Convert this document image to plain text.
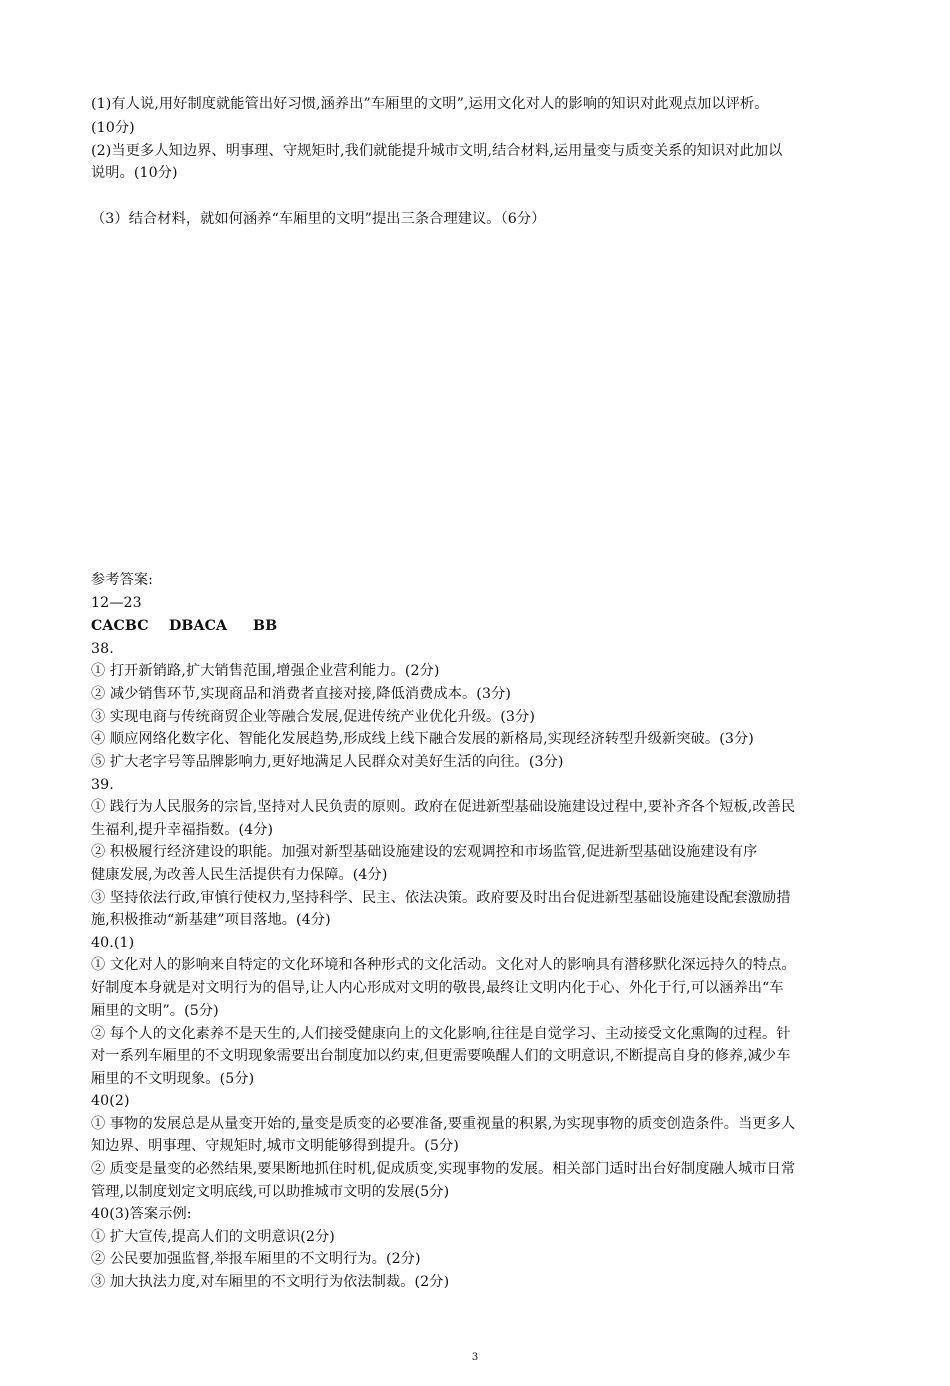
(1)有人说,用好制度就能管出好习惯,涵养出”车厢里的文明”,运用文化对人的影响的知识对此观点加以评析。
(10分)
(2)当更多人知边界、明事理、守规矩时,我们就能提升城市文明,结合材料,运用量变与质变关系的知识对此加以
说明。(10分)
（3）结合材料，就如何涵养“车厢里的文明”提出三条合理建议。（6分）
参考答案:
12—23
CACBC DBACA BB
38.
① 打开新销路,扩大销售范围,增强企业营利能力。(2分)
② 减少销售环节,实现商品和消费者直接对接,降低消费成本。(3分)
③ 实现电商与传统商贸企业等融合发展,促进传统产业优化升级。(3分)
④ 顺应网络化数字化、智能化发展趋势,形成线上线下融合发展的新格局,实现经济转型升级新突破。(3分)
⑤ 扩大老字号等品牌影响力,更好地满足人民群众对美好生活的向往。(3分)
39.
① 践行为人民服务的宗旨,坚持对人民负责的原则。政府在促进新型基础设施建设过程中,要补齐各个短板,改善民
生福利,提升幸福指数。(4分)
② 积极履行经济建设的职能。加强对新型基础设施建设的宏观调控和市场监管,促进新型基础设施建设有序
健康发展,为改善人民生活提供有力保障。(4分)
③ 坚持依法行政,审慎行使权力,坚持科学、民主、依法决策。政府要及时出台促进新型基础设施建设配套激励措
施,积极推动“新基建”项目落地。(4分)
40.(1)
① 文化对人的影响来自特定的文化环境和各种形式的文化活动。文化对人的影响具有潜移默化深远持久的特点。
好制度本身就是对文明行为的倡导,让人内心形成对文明的敬畏,最终让文明内化于心、外化于行,可以涵养出“车
厢里的文明”。(5分)
② 每个人的文化素养不是天生的,人们接受健康向上的文化影响,往往是自觉学习、主动接受文化熏陶的过程。针
对一系列车厢里的不文明现象需要出台制度加以约束,但更需要唤醒人们的文明意识,不断提高自身的修养,减少车
厢里的不文明现象。(5分)
40(2)
① 事物的发展总是从量变开始的,量变是质变的必要准备,要重视量的积累,为实现事物的质变创造条件。当更多人
知边界、明事理、守规矩时,城市文明能够得到提升。(5分)
② 质变是量变的必然结果,要果断地抓住时机,促成质变,实现事物的发展。相关部门适时出台好制度融人城市日常
管理,以制度划定文明底线,可以助推城市文明的发展(5分)
40(3)答案示例:
① 扩大宣传,提高人们的文明意识(2分)
② 公民要加强监督,举报车厢里的不文明行为。(2分)
③ 加大执法力度,对车厢里的不文明行为依法制裁。(2分)
3
